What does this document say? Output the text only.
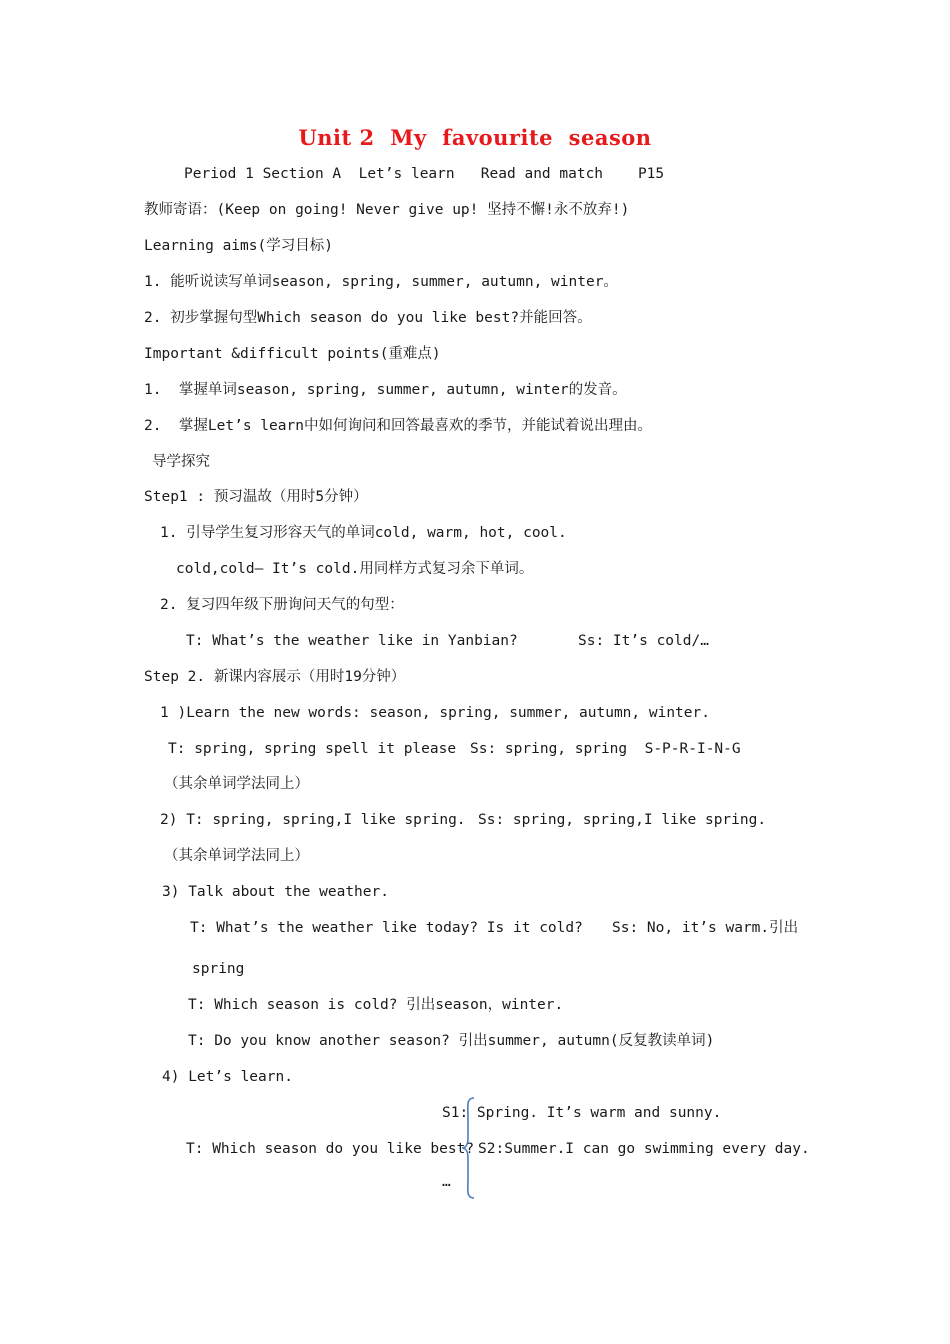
Unit 2  My  favourite  season
Period 1 Section A  Let’s learn   Read and match    P15
教师寄语：(Keep on going! Never give up! 坚持不懈!永不放弃!)
Learning aims(学习目标)
1. 能听说读写单词season, spring, summer, autumn, winter。
2. 初步掌握句型Which season do you like best?并能回答。
Important &difficult points(重难点)
1.  掌握单词season, spring, summer, autumn, winter的发音。
2.  掌握Let’s learn中如何询问和回答最喜欢的季节，并能试着说出理由。
导学探究
Step1 : 预习温故（用时5分钟）
1. 引导学生复习形容天气的单词cold, warm, hot, cool.
cold,cold— It’s cold.用同样方式复习余下单词。
2. 复习四年级下册询问天气的句型：
T: What’s the weather like in Yanbian?	Ss: It’s cold/…
Step 2. 新课内容展示（用时19分钟）
1 )Learn the new words: season, spring, summer, autumn, winter.
T: spring, spring spell it please Ss: spring, spring  S-P-R-I-N-G
（其余单词学法同上）
2) T: spring, spring,I like spring. Ss: spring, spring,I like spring.
（其余单词学法同上）
3) Talk about the weather.
T: What’s the weather like today? Is it cold? Ss: No, it’s warm.引出
spring
T: Which season is cold? 引出season，winter.
T: Do you know another season? 引出summer, autumn(反复教读单词)
4) Let’s learn.
S1: Spring. It’s warm and sunny.
T: Which season do you like best? S2:Summer.I can go swimming every day.
…
